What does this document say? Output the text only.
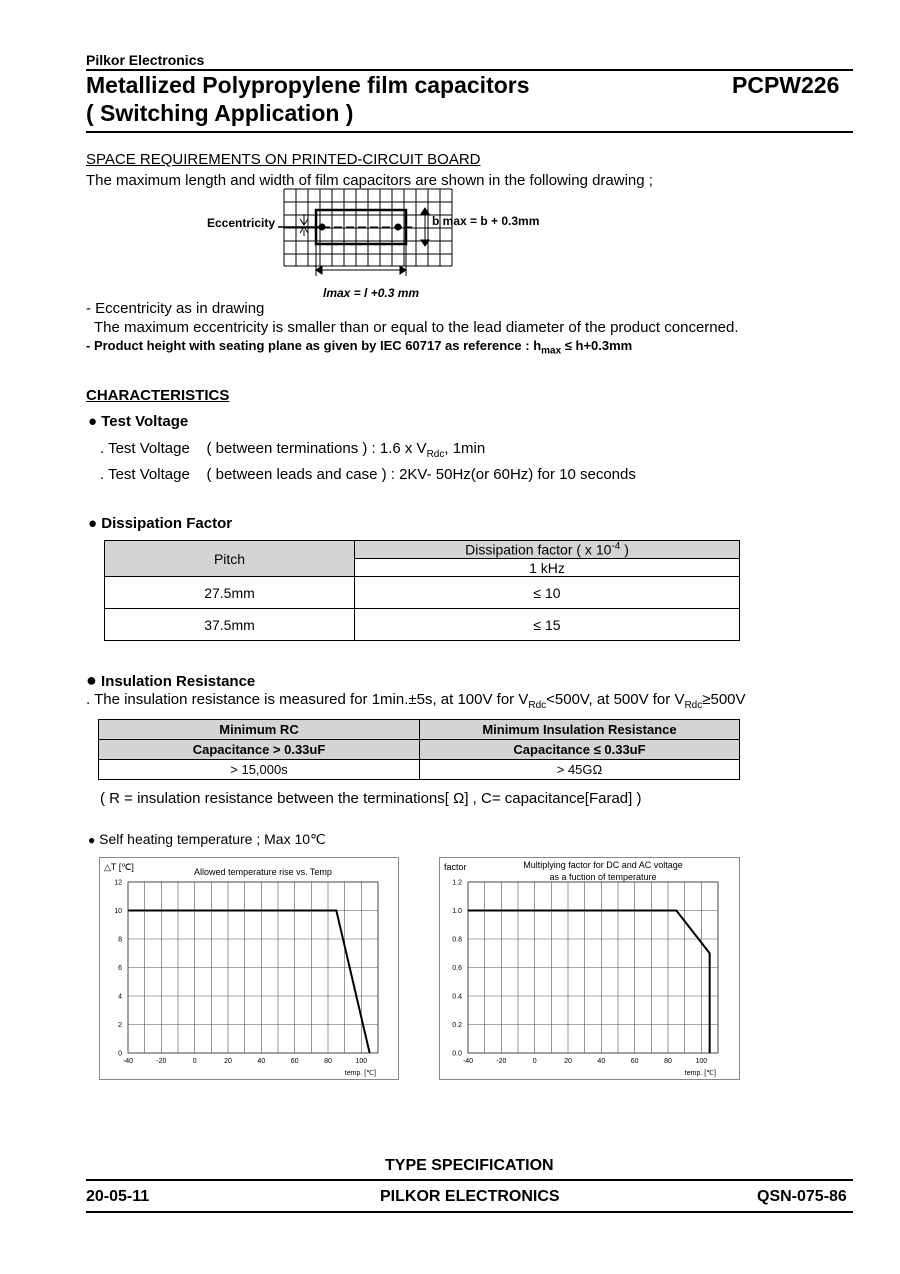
Pilkor Electronics
Metallized Polypropylene film capacitors
( Switching Application )
PCPW226
SPACE REQUIREMENTS ON PRINTED-CIRCUIT BOARD
The maximum length and width of film capacitors are shown in the following drawing ;
Eccentricity	b max = b + 0.3mm
lmax = l +0.3 mm
- Eccentricity as in drawing
The maximum eccentricity is smaller than or equal to the lead diameter of the product concerned.
- Product height with seating plane as given by IEC 60717 as reference : $h_{max} \le h+0.3mm$
CHARACTERISTICS
● Test Voltage
. Test Voltage    ( between terminations ) : 1.6 x $V_{Rdc}$, 1min
. Test Voltage    ( between leads and case ) : 2KV- 50Hz(or 60Hz) for 10 seconds
● Dissipation Factor
Pitch	Dissipation factor ( x $10^{-4}$ )
	1 kHz
27.5mm	≤ 10
37.5mm	≤ 15
● Insulation Resistance
. The insulation resistance is measured for 1min.±5s, at 100V for $V_{Rdc}<500V$, at 500V for $V_{Rdc}\ge 500V$
Minimum RC	Minimum Insulation Resistance
Capacitance > 0.33uF	Capacitance ≤ 0.33uF
> 15,000s	> 45GΩ
( R = insulation resistance between the terminations[ Ω] , C= capacitance[Farad] )
● Self heating temperature ; Max 10℃
-40	-20	0	20	40	60	80	100
0
2
4
6
8
10
12
△T [℃]
temp. [℃]
Allowed temperature rise vs. Temp
-40	-20	0	20	40	60	80	100
0.0
0.2
0.4
0.6
0.8
1.0
1.2
factor
temp. [℃]
Multiplying factor for DC and AC voltage
as a fuction of temperature
TYPE SPECIFICATION
20-05-11	PILKOR ELECTRONICS	QSN-075-86
